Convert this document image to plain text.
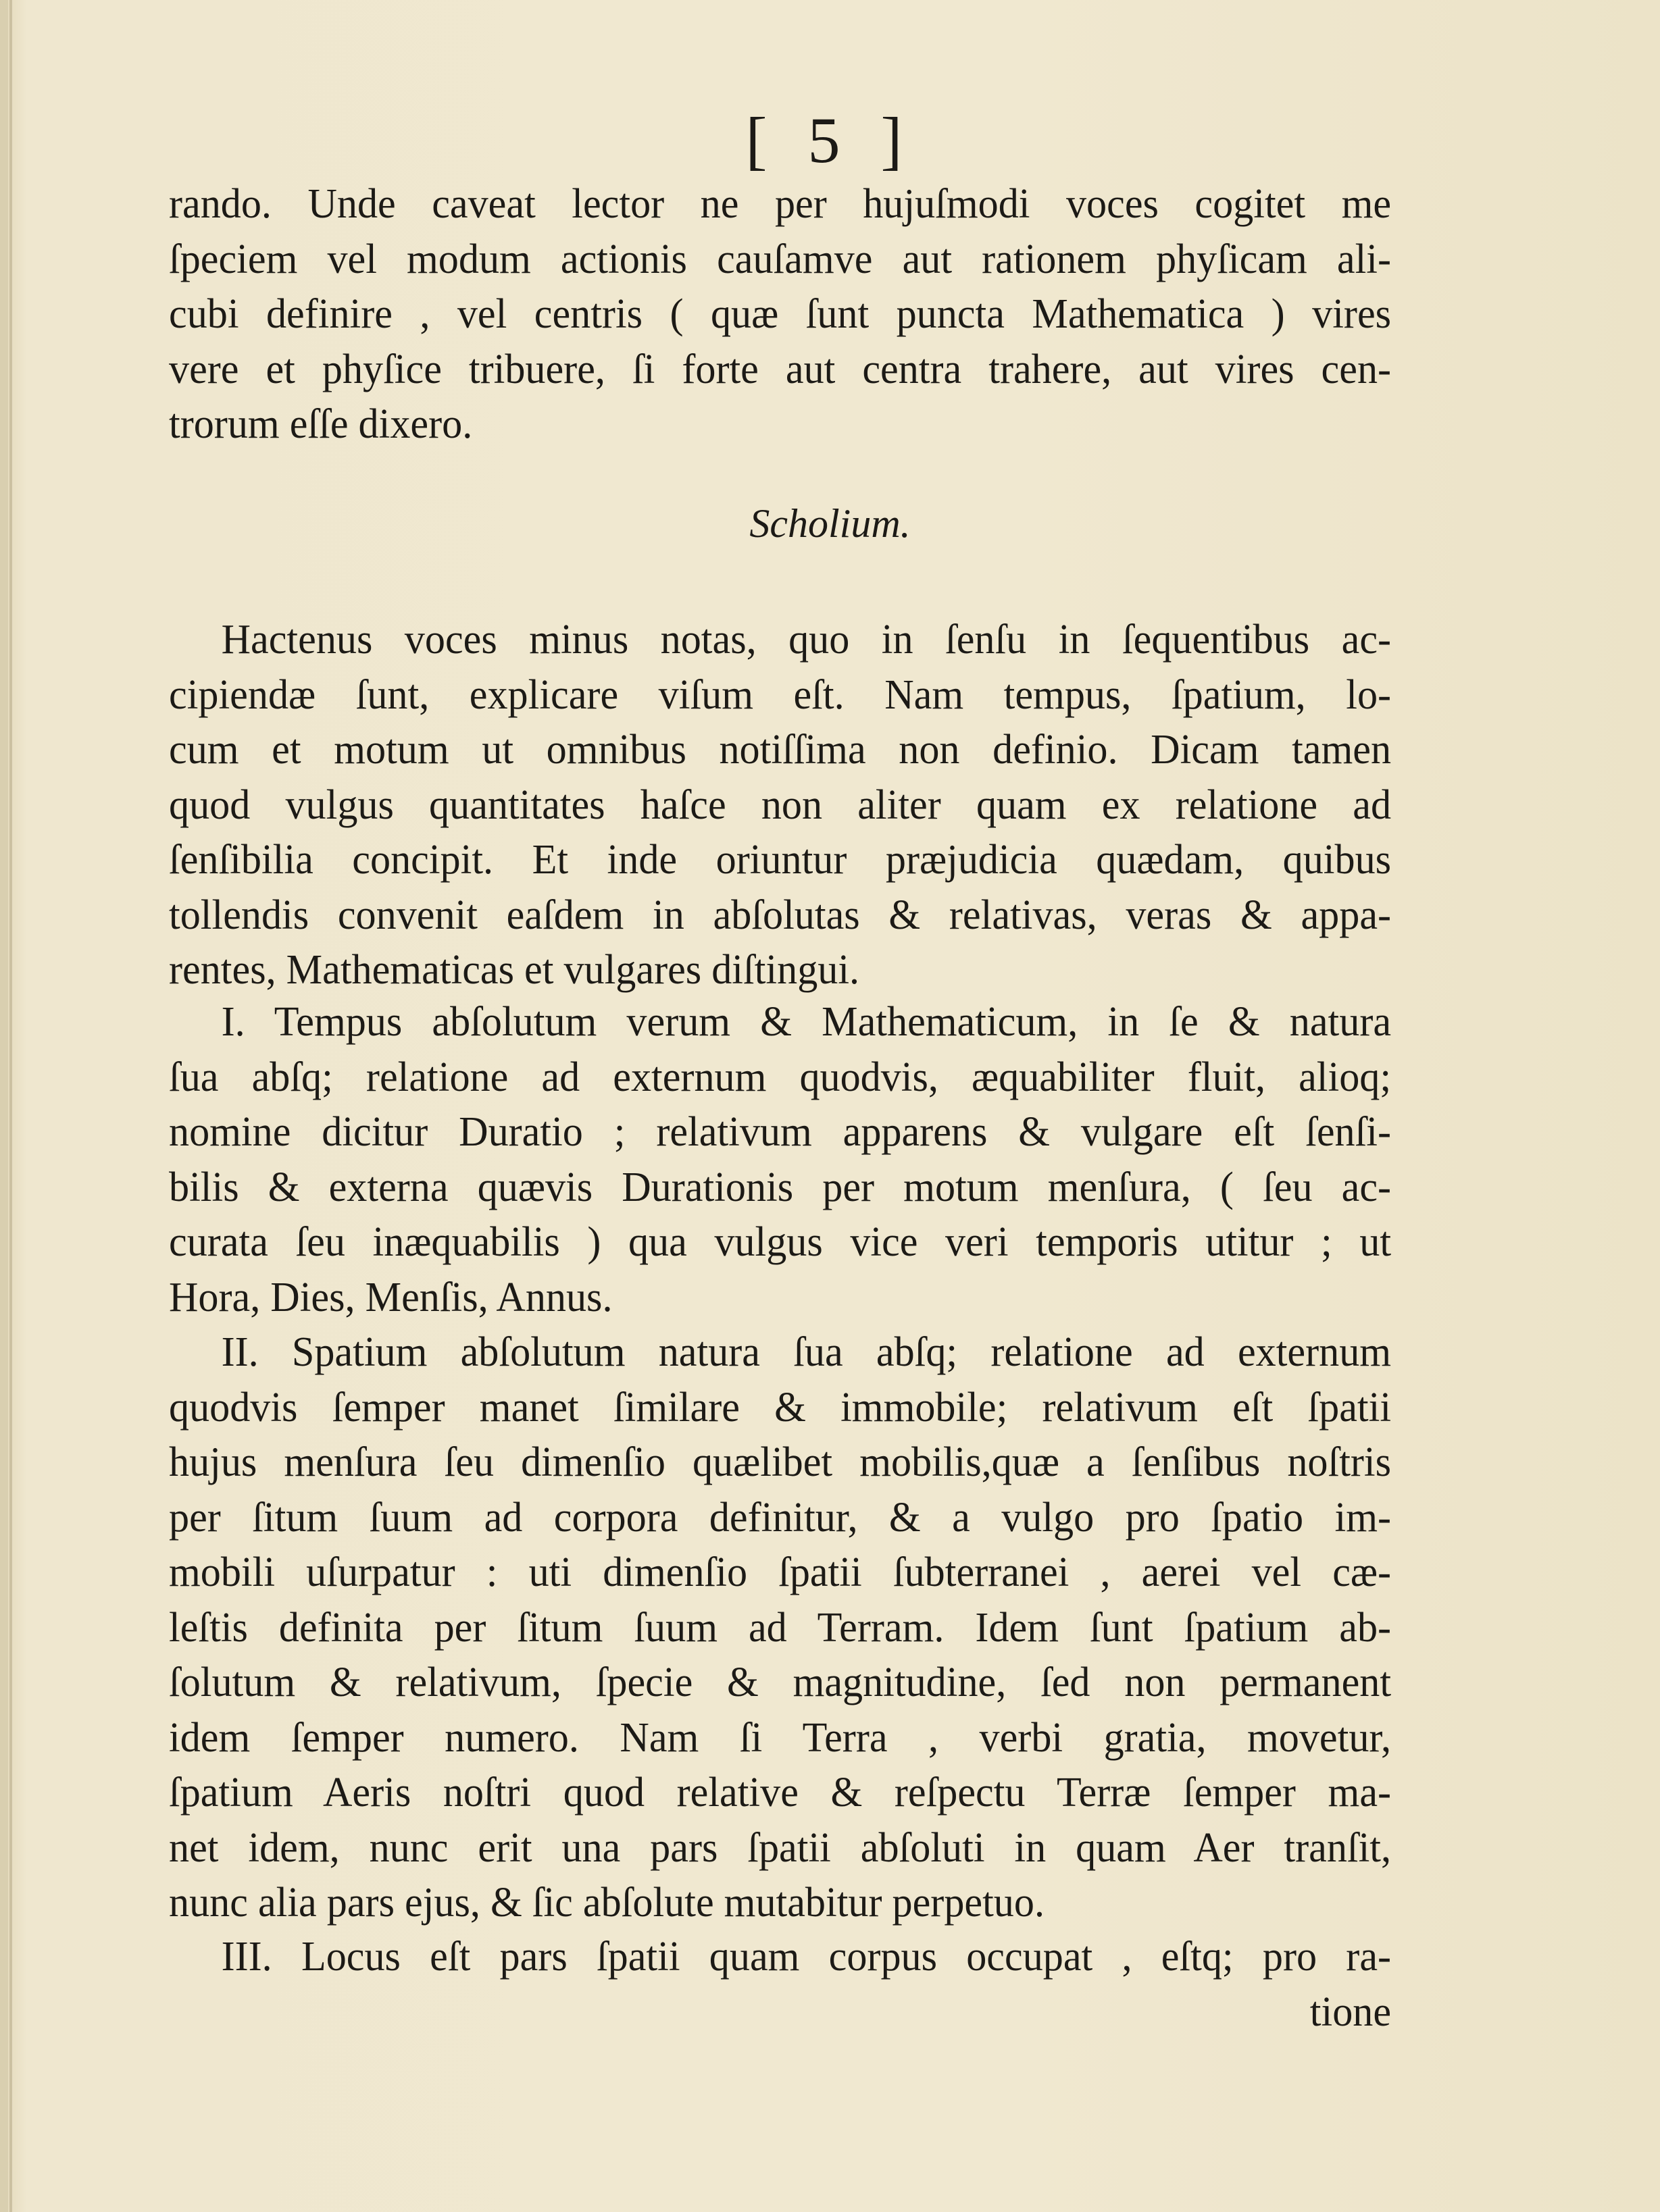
[ 5 ]
rando. Unde caveat lector ne per hujuſmodi voces cogitet me
ſpeciem vel modum actionis cauſamve aut rationem phyſicam ali-
cubi definire , vel centris ( quæ ſunt puncta Mathematica ) vires
vere et phyſice tribuere, ſi forte aut centra trahere, aut vires cen-
trorum eſſe dixero.
Scholium.
Hactenus voces minus notas, quo in ſenſu in ſequentibus ac-
cipiendæ ſunt, explicare viſum eſt. Nam tempus, ſpatium, lo-
cum et motum ut omnibus notiſſima non definio. Dicam tamen
quod vulgus quantitates haſce non aliter quam ex relatione ad
ſenſibilia concipit. Et inde oriuntur præjudicia quædam, quibus
tollendis convenit eaſdem in abſolutas & relativas, veras & appa-
rentes, Mathematicas et vulgares diſtingui.
I. Tempus abſolutum verum & Mathematicum, in ſe & natura
ſua abſq; relatione ad externum quodvis, æquabiliter fluit, alioq;
nomine dicitur Duratio ; relativum apparens & vulgare eſt ſenſi-
bilis & externa quævis Durationis per motum menſura, ( ſeu ac-
curata ſeu inæquabilis ) qua vulgus vice veri temporis utitur ; ut
Hora, Dies, Menſis, Annus.
II. Spatium abſolutum natura ſua abſq; relatione ad externum
quodvis ſemper manet ſimilare & immobile; relativum eſt ſpatii
hujus menſura ſeu dimenſio quælibet mobilis,quæ a ſenſibus noſtris
per ſitum ſuum ad corpora definitur, & a vulgo pro ſpatio im-
mobili uſurpatur : uti dimenſio ſpatii ſubterranei , aerei vel cæ-
leſtis definita per ſitum ſuum ad Terram. Idem ſunt ſpatium ab-
ſolutum & relativum, ſpecie & magnitudine, ſed non permanent
idem ſemper numero. Nam ſi Terra , verbi gratia, movetur,
ſpatium Aeris noſtri quod relative & reſpectu Terræ ſemper ma-
net idem, nunc erit una pars ſpatii abſoluti in quam Aer tranſit,
nunc alia pars ejus, & ſic abſolute mutabitur perpetuo.
III. Locus eſt pars ſpatii quam corpus occupat , eſtq; pro ra-
tione
